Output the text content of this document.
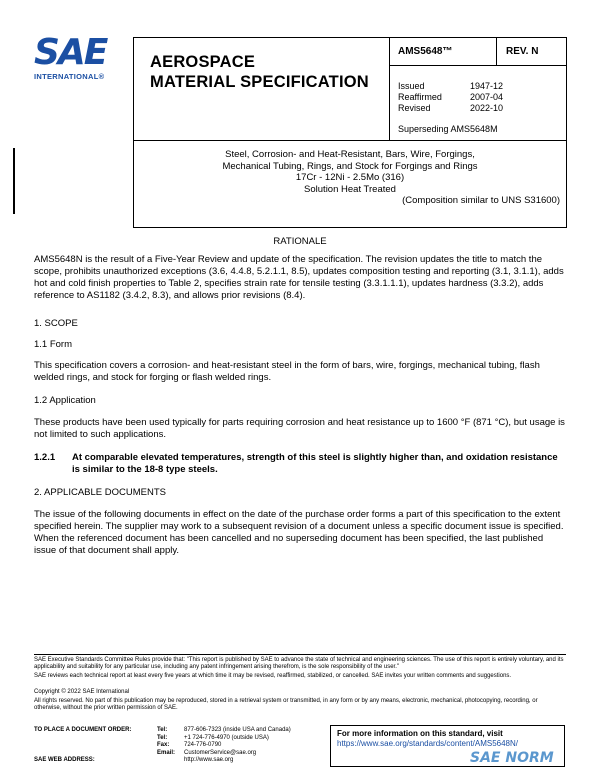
SAE
INTERNATIONAL®
AEROSPACE
MATERIAL SPECIFICATION
AMS5648™	REV. N
Issued	1947-12
Reaffirmed	2007-04
Revised	2022-10
Superseding AMS5648M
Steel, Corrosion- and Heat-Resistant, Bars, Wire, Forgings,
Mechanical Tubing, Rings, and Stock for Forgings and Rings
17Cr - 12Ni - 2.5Mo (316)
Solution Heat Treated
(Composition similar to UNS S31600)
RATIONALE
AMS5648N is the result of a Five-Year Review and update of the specification. The revision updates the title to match the scope, prohibits unauthorized exceptions (3.6, 4.4.8, 5.2.1.1, 8.5), updates composition testing and reporting (3.1, 3.1.1), adds hot and cold finish properties to Table 2, specifies strain rate for tensile testing (3.3.1.1.1), updates hardness (3.3.2), adds reference to AS1182 (3.4.2, 8.3), and allows prior revisions (8.4).
1. SCOPE
1.1 Form
This specification covers a corrosion- and heat-resistant steel in the form of bars, wire, forgings, mechanical tubing, flash welded rings, and stock for forging or flash welded rings.
1.2 Application
These products have been used typically for parts requiring corrosion and heat resistance up to 1600 °F (871 °C), but usage is not limited to such applications.
1.2.1	At comparable elevated temperatures, strength of this steel is slightly higher than, and oxidation resistance is similar to the 18-8 type steels.
2. APPLICABLE DOCUMENTS
The issue of the following documents in effect on the date of the purchase order forms a part of this specification to the extent specified herein. The supplier may work to a subsequent revision of a document unless a specific document issue is specified. When the referenced document has been cancelled and no superseding document has been specified, the last published issue of that document shall apply.
SAE Executive Standards Committee Rules provide that: "This report is published by SAE to advance the state of technical and engineering sciences. The use of this report is entirely voluntary, and its applicability and suitability for any particular use, including any patent infringement arising therefrom, is the sole responsibility of the user."
SAE reviews each technical report at least every five years at which time it may be revised, reaffirmed, stabilized, or cancelled. SAE invites your written comments and suggestions.
Copyright © 2022 SAE International
All rights reserved. No part of this publication may be reproduced, stored in a retrieval system or transmitted, in any form or by any means, electronic, mechanical, photocopying, recording, or otherwise, without the prior written permission of SAE.
TO PLACE A DOCUMENT ORDER:	Tel:	877-606-7323 (inside USA and Canada)
Tel:	+1 724-776-4970 (outside USA)
Fax:	724-776-0790
Email:	CustomerService@sae.org
SAE WEB ADDRESS:	http://www.sae.org
For more information on this standard, visit
https://www.sae.org/standards/content/AMS5648N/
SAE NORM
